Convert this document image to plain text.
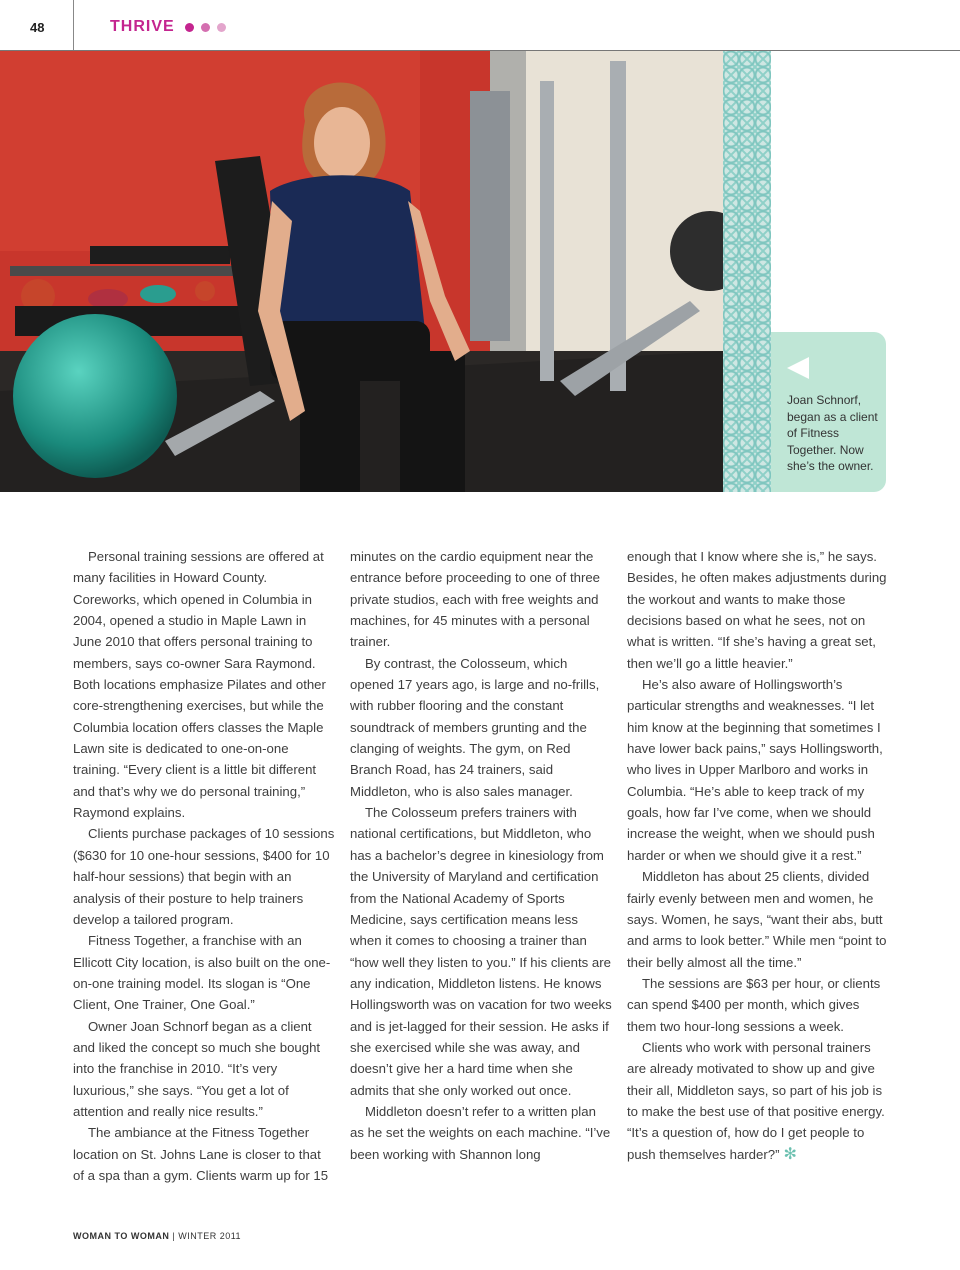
48	THRIVE
Joan Schnorf, began as a client of Fitness Together. Now she’s the owner.

Personal training sessions are offered at many facilities in Howard County. Coreworks, which opened in Columbia in 2004, opened a studio in Maple Lawn in June 2010 that offers personal training to members, says co-owner Sara Raymond. Both locations emphasize Pilates and other core-strengthening exercises, but while the Columbia location offers classes the Maple Lawn site is dedicated to one-on-one training. “Every client is a little bit different and that’s why we do personal training,” Raymond explains.

Clients purchase packages of 10 sessions ($630 for 10 one-hour sessions, $400 for 10 half-hour sessions) that begin with an analysis of their posture to help trainers develop a tailored program.

Fitness Together, a franchise with an Ellicott City location, is also built on the one-on-one training model. Its slogan is “One Client, One Trainer, One Goal.”

Owner Joan Schnorf began as a client and liked the concept so much she bought into the franchise in 2010. “It’s very luxurious,” she says. “You get a lot of attention and really nice results.”

The ambiance at the Fitness Together location on St. Johns Lane is closer to that of a spa than a gym. Clients warm up for 15

minutes on the cardio equipment near the entrance before proceeding to one of three private studios, each with free weights and machines, for 45 minutes with a personal trainer.

By contrast, the Colosseum, which opened 17 years ago, is large and no-frills, with rubber flooring and the constant soundtrack of members grunting and the clanging of weights. The gym, on Red Branch Road, has 24 trainers, said Middleton, who is also sales manager.

The Colosseum prefers trainers with national certifications, but Middleton, who has a bachelor’s degree in kinesiology from the University of Maryland and certification from the National Academy of Sports Medicine, says certification means less when it comes to choosing a trainer than “how well they listen to you.” If his clients are any indication, Middleton listens. He knows Hollingsworth was on vacation for two weeks and is jet-lagged for their session. He asks if she exercised while she was away, and doesn’t give her a hard time when she admits that she only worked out once.

Middleton doesn’t refer to a written plan as he set the weights on each machine. “I’ve been working with Shannon long

enough that I know where she is,” he says. Besides, he often makes adjustments during the workout and wants to make those decisions based on what he sees, not on what is written. “If she’s having a great set, then we’ll go a little heavier.”

He’s also aware of Hollingsworth’s particular strengths and weaknesses. “I let him know at the beginning that sometimes I have lower back pains,” says Hollingsworth, who lives in Upper Marlboro and works in Columbia. “He’s able to keep track of my goals, how far I’ve come, when we should increase the weight, when we should push harder or when we should give it a rest.”

Middleton has about 25 clients, divided fairly evenly between men and women, he says. Women, he says, “want their abs, butt and arms to look better.” While men “point to their belly almost all the time.”

The sessions are $63 per hour, or clients can spend $400 per month, which gives them two hour-long sessions a week.

Clients who work with personal trainers are already motivated to show up and give their all, Middleton says, so part of his job is to make the best use of that positive energy. “It’s a question of, how do I get people to push themselves harder?” ✻

WOMAN TO WOMAN | WINTER 2011
